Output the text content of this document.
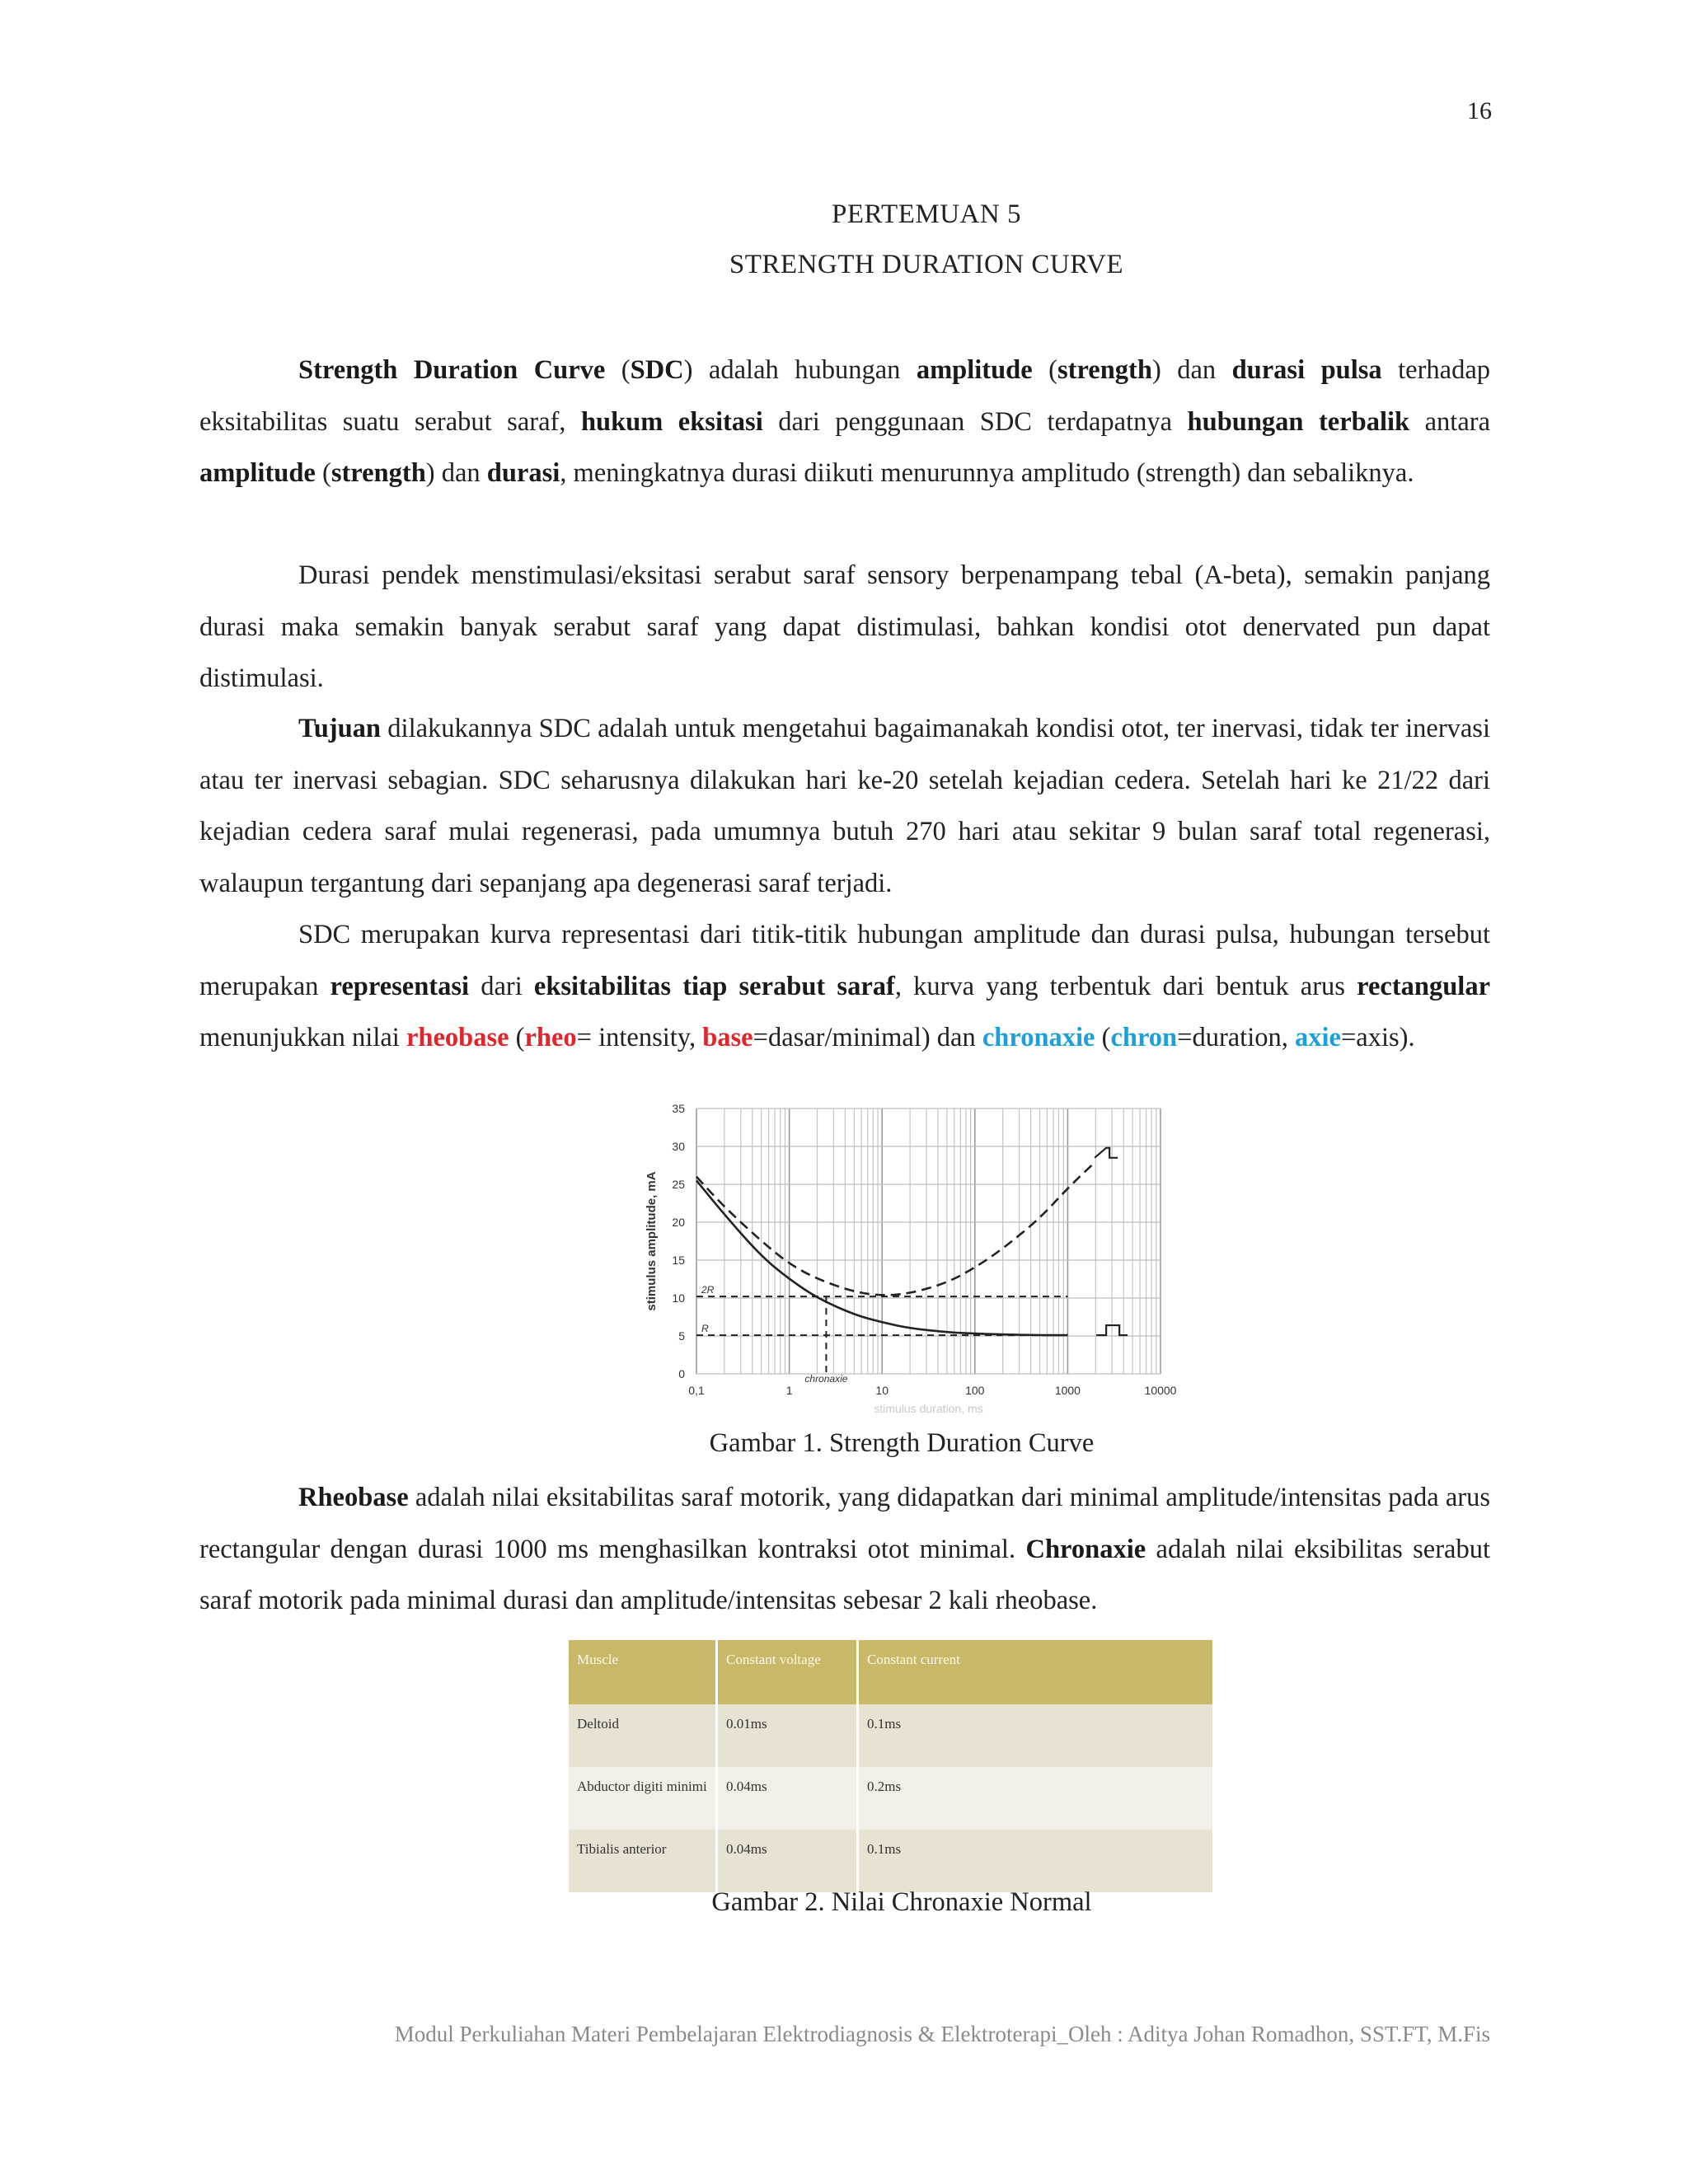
16
PERTEMUAN 5
STRENGTH DURATION CURVE

Strength Duration Curve (SDC) adalah hubungan amplitude (strength) dan durasi pulsa terhadap eksitabilitas suatu serabut saraf, hukum eksitasi dari penggunaan SDC terdapatnya hubungan terbalik antara amplitude (strength) dan durasi, meningkatnya durasi diikuti menurunnya amplitudo (strength) dan sebaliknya.

Durasi pendek menstimulasi/eksitasi serabut saraf sensory berpenampang tebal (A-beta), semakin panjang durasi maka semakin banyak serabut saraf yang dapat distimulasi, bahkan kondisi otot denervated pun dapat distimulasi.

Tujuan dilakukannya SDC adalah untuk mengetahui bagaimanakah kondisi otot, ter inervasi, tidak ter inervasi atau ter inervasi sebagian. SDC seharusnya dilakukan hari ke-20 setelah kejadian cedera. Setelah hari ke 21/22 dari kejadian cedera saraf mulai regenerasi, pada umumnya butuh 270 hari atau sekitar 9 bulan saraf total regenerasi, walaupun tergantung dari sepanjang apa degenerasi saraf terjadi.

SDC merupakan kurva representasi dari titik-titik hubungan amplitude dan durasi pulsa, hubungan tersebut merupakan representasi dari eksitabilitas tiap serabut saraf, kurva yang terbentuk dari bentuk arus rectangular menunjukkan nilai rheobase (rheo= intensity, base=dasar/minimal) dan chronaxie (chron=duration, axie=axis).

0
5
10
15
20
25
30
35
0,1	1	10	100	1000	10000
stimulus amplitude, mA
stimulus duration, ms
2R
R
chronaxie
Gambar 1. Strength Duration Curve

Rheobase adalah nilai eksitabilitas saraf motorik, yang didapatkan dari minimal amplitude/intensitas pada arus rectangular dengan durasi 1000 ms menghasilkan kontraksi otot minimal. Chronaxie adalah nilai eksibilitas serabut saraf motorik pada minimal durasi dan amplitude/intensitas sebesar 2 kali rheobase.

Muscle	Constant voltage	Constant current
Deltoid	0.01ms	0.1ms
Abductor digiti minimi	0.04ms	0.2ms
Tibialis anterior	0.04ms	0.1ms
Gambar 2. Nilai Chronaxie Normal
Modul Perkuliahan Materi Pembelajaran Elektrodiagnosis & Elektroterapi_Oleh : Aditya Johan Romadhon, SST.FT, M.Fis
